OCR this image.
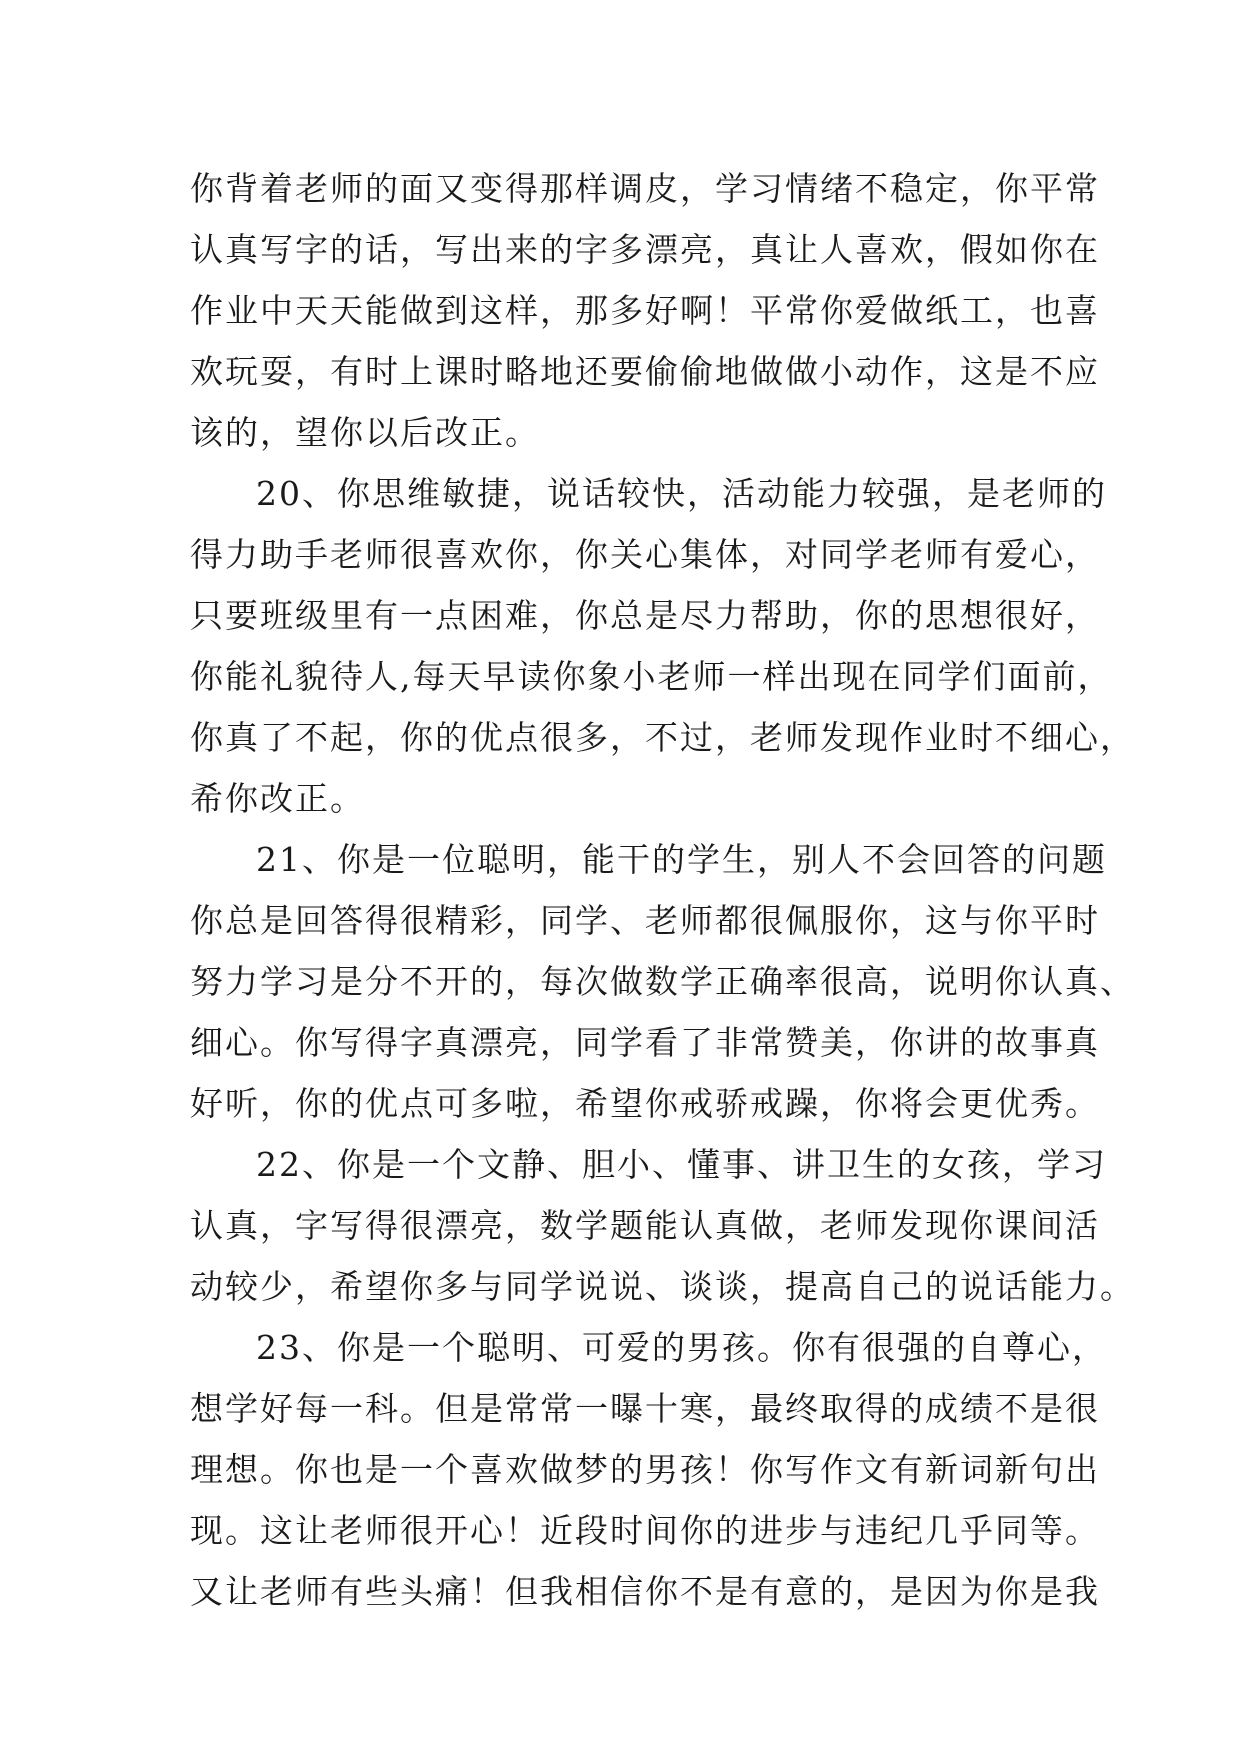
你背着老师的面又变得那样调皮，学习情绪不稳定，你平常
认真写字的话，写出来的字多漂亮，真让人喜欢，假如你在
作业中天天能做到这样，那多好啊！平常你爱做纸工，也喜
欢玩耍，有时上课时略地还要偷偷地做做小动作，这是不应
该的，望你以后改正。
20、你思维敏捷，说话较快，活动能力较强，是老师的
得力助手老师很喜欢你，你关心集体，对同学老师有爱心，
只要班级里有一点困难，你总是尽力帮助，你的思想很好，
你能礼貌待人,每天早读你象小老师一样出现在同学们面前，
你真了不起，你的优点很多，不过，老师发现作业时不细心，
希你改正。
21、你是一位聪明，能干的学生，别人不会回答的问题
你总是回答得很精彩，同学、老师都很佩服你，这与你平时
努力学习是分不开的，每次做数学正确率很高，说明你认真、
细心。你写得字真漂亮，同学看了非常赞美，你讲的故事真
好听，你的优点可多啦，希望你戒骄戒躁，你将会更优秀。
22、你是一个文静、胆小、懂事、讲卫生的女孩，学习
认真，字写得很漂亮，数学题能认真做，老师发现你课间活
动较少，希望你多与同学说说、谈谈，提高自己的说话能力。
23、你是一个聪明、可爱的男孩。你有很强的自尊心，
想学好每一科。但是常常一曝十寒，最终取得的成绩不是很
理想。你也是一个喜欢做梦的男孩！你写作文有新词新句出
现。这让老师很开心！近段时间你的进步与违纪几乎同等。
又让老师有些头痛！但我相信你不是有意的，是因为你是我
